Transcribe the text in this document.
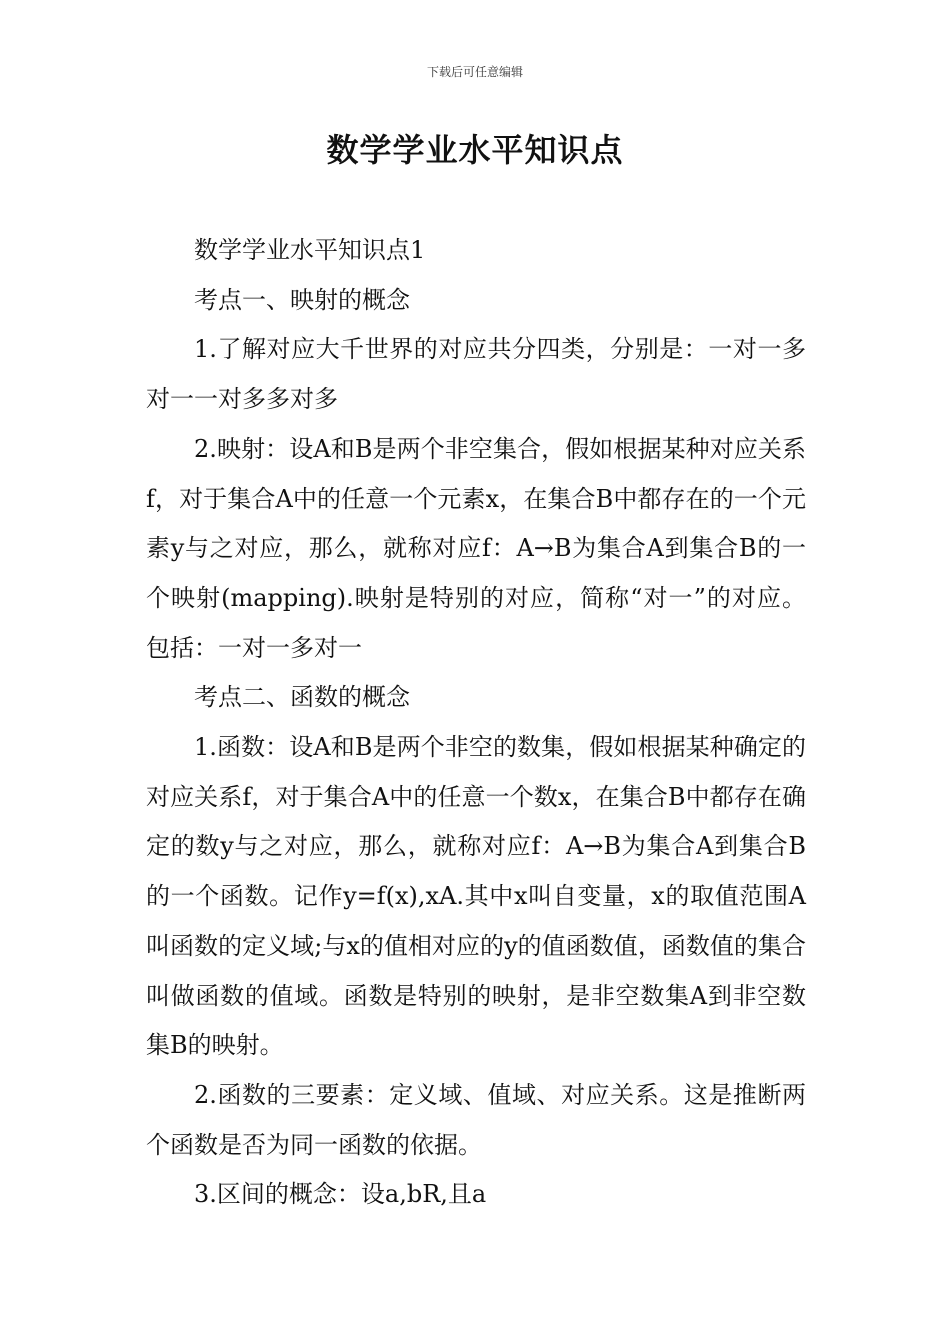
下载后可任意编辑
数学学业水平知识点

数学学业水平知识点1

考点一、映射的概念

1.了解对应大千世界的对应共分四类，分别是：一对一多对一一对多多对多

2.映射：设A和B是两个非空集合，假如根据某种对应关系f，对于集合A中的任意一个元素x，在集合B中都存在的一个元素y与之对应，那么，就称对应f：A→B为集合A到集合B的一个映射(mapping).映射是特别的对应，简称“对一”的对应。包括：一对一多对一

考点二、函数的概念

1.函数：设A和B是两个非空的数集，假如根据某种确定的对应关系f，对于集合A中的任意一个数x，在集合B中都存在确定的数y与之对应，那么，就称对应f：A→B为集合A到集合B的一个函数。记作y=f(x),xA.其中x叫自变量，x的取值范围A叫函数的定义域;与x的值相对应的y的值函数值，函数值的集合叫做函数的值域。函数是特别的映射，是非空数集A到非空数集B的映射。

2.函数的三要素：定义域、值域、对应关系。这是推断两个函数是否为同一函数的依据。

3.区间的概念：设a,bR,且a
